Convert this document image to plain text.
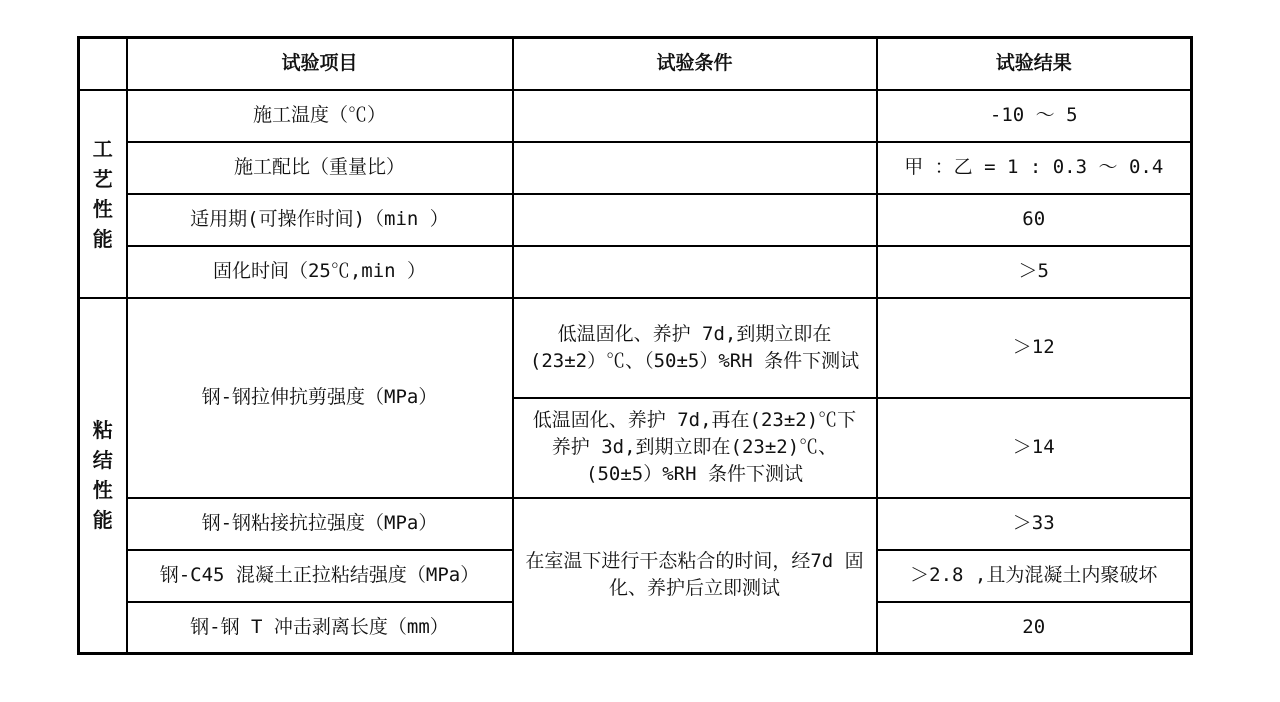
	试验项目	试验条件	试验结果
工艺性能	施工温度（℃）		-10 ～ 5
	施工配比（重量比）		甲 ：乙 = 1 : 0.3 ～ 0.4
	适用期(可操作时间)（min ）		60
	固化时间（25℃,min ）		＞5
粘结性能	钢-钢拉伸抗剪强度（MPa）	低温固化、养护 7d,到期立即在(23±2）℃、（50±5）%RH 条件下测试	＞12
		低温固化、养护 7d,再在(23±2)℃下养护 3d,到期立即在(23±2)℃、(50±5）%RH 条件下测试	＞14
	钢-钢粘接抗拉强度（MPa）	在室温下进行干态粘合的时间，经7d 固化、养护后立即测试	＞33
	钢-C45 混凝土正拉粘结强度（MPa）		＞2.8 ,且为混凝土内聚破坏
	钢-钢 T 冲击剥离长度（mm）		20
